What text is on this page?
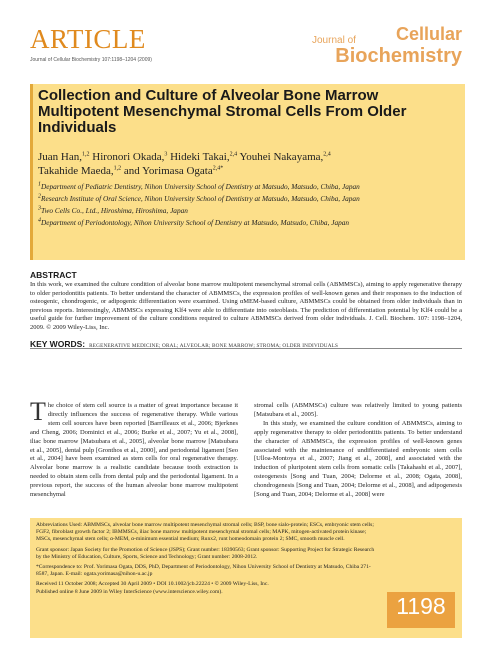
ARTICLE
Journal of Cellular Biochemistry 107:1198–1204 (2009)
Journal of Cellular
Biochemistry
Collection and Culture of Alveolar Bone Marrow Multipotent Mesenchymal Stromal Cells From Older Individuals

Juan Han,$^{1,2}$ Hironori Okada,$^3$ Hideki Takai,$^{2,4}$ Youhei Nakayama,$^{2,4}$
Takahide Maeda,$^{1,2}$ and Yorimasa Ogata$^{2,4*}$

$^1$Department of Pediatric Dentistry, Nihon University School of Dentistry at Matsudo, Matsudo, Chiba, Japan
$^2$Research Institute of Oral Science, Nihon University School of Dentistry at Matsudo, Matsudo, Chiba, Japan
$^3$Two Cells Co., Ltd., Hiroshima, Hiroshima, Japan
$^4$Department of Periodontology, Nihon University School of Dentistry at Matsudo, Matsudo, Chiba, Japan
ABSTRACT

In this work, we examined the culture condition of alveolar bone marrow multipotent mesenchymal stromal cells (ABMMSCs), aiming to apply regenerative therapy to older periodontitis patients. To better understand the character of ABMMSCs, the expression profiles of well-known genes and their responses to the induction of osteogenic, chondrogenic, or adipogenic differentiation were examined. Using αMEM-based culture, ABMMSCs could be obtained from older individuals than in previous reports. Interestingly, ABMMSCs expressing Klf4 were able to differentiate into osteoblasts. The prediction of differentiation potential by Klf4 could be a useful guide for further improvement of the culture conditions required to culture ABMMSCs derived from older individuals. J. Cell. Biochem. 107: 1198–1204, 2009. © 2009 Wiley-Liss, Inc.

KEY WORDS: REGENERATIVE MEDICINE; ORAL; ALVEOLAR; BONE MARROW; STROMA; OLDER INDIVIDUALS

The choice of stem cell source is a matter of great importance because it directly influences the success of regenerative therapy. While various stem cell sources have been reported [Barrilleaux et al., 2006; Bjerknes and Cheng, 2006; Dominici et al., 2006; Burke et al., 2007; Yu et al., 2008], iliac bone marrow [Matsubara et al., 2005], alveolar bone marrow [Matsubara et al., 2005], dental pulp [Gronthos et al., 2000], and periodontal ligament [Seo et al., 2004] have been examined as stem cells for oral regenerative therapy. Alveolar bone marrow is a realistic candidate because tooth extraction is needed to obtain stem cells from dental pulp and the periodontal ligament. In a previous report, the success of the human alveolar bone marrow multipotent mesenchymal

stromal cells (ABMMSCs) culture was relatively limited to young patients [Matsubara et al., 2005].

In this study, we examined the culture condition of ABMMSCs, aiming to apply regenerative therapy to older periodontitis patients. To better understand the character of ABMMSCs, the expression profiles of well-known genes associated with the maintenance of undifferentiated embryonic stem cells [Ulloa-Montoya et al., 2007; Jiang et al., 2008], and associated with the induction of pluripotent stem cells from somatic cells [Takahashi et al., 2007], osteogenesis [Song and Tuan, 2004; Delorme et al., 2008; Ogata, 2008], chondrogenesis [Song and Tuan, 2004; Delorme et al., 2008], and adipogenesis [Song and Tuan, 2004; Delorme et al., 2008] were

Abbreviations Used: ABMMSCs, alveolar bone marrow multipotent mesenchymal stromal cells; BSP, bone sialo-protein; ESCs, embryonic stem cells; FGF2, fibroblast growth factor 2; IBMMSCs, iliac bone marrow multipotent mesenchymal stromal cells; MAPK, mitogen-activated protein kinase; MSCs, mesenchymal stem cells; α-MEM, α-minimum essential medium; Runx2, runt homeodomain protein 2; SMC, smooth muscle cell.

Grant sponsor: Japan Society for the Promotion of Science (JSPS); Grant number: 18390563; Grant sponsor: Supporting Project for Strategic Research by the Ministry of Education, Culture, Sports, Science and Technology; Grant number: 2008-2012.

*Correspondence to: Prof. Yorimasa Ogata, DDS, PhD, Department of Periodontology, Nihon University School of Dentistry at Matsudo, Chiba 271-8587, Japan. E-mail: ogata.yorimasa@nihon-u.ac.jp

Received 11 October 2008; Accepted 30 April 2009 • DOI 10.1002/jcb.22224 • © 2009 Wiley-Liss, Inc.

Published online 8 June 2009 in Wiley InterScience (www.interscience.wiley.com).

1198
